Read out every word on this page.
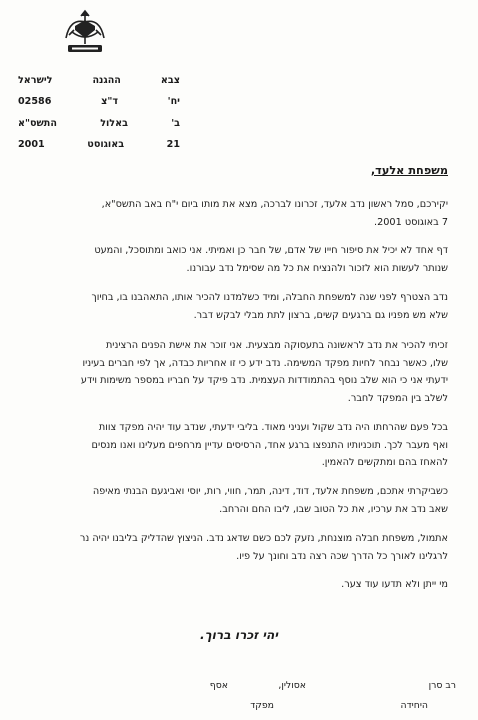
צבא
ההגנה
לישראל
יח'
ד"צ
02586
ב'
באלול
התשס"א
21
באוגוסט
2001
משפחת אלעד,
יקירכם, סמל ראשון נדב אלעד, זכרונו לברכה, מצא את מותו ביום י"ח באב התשס"א,
7 באוגוסט 2001.
דף אחד לא יכיל את סיפור חייו של אדם, של חבר כן ואמיתי. אני כואב ומתוסכל, והמעט
שנותר לעשות הוא לזכור ולהנציח את כל מה שסימל נדב עבורנו.
נדב הצטרף לפני שנה למשפחת החבלה, ומיד כשלמדנו להכיר אותו, התאהבנו בו, בחיוך
שלא מש מפניו גם ברגעים קשים, ברצון לתת מבלי לבקש דבר.
זכיתי להכיר את נדב לראשונה בתעסוקה מבצעית. אני זוכר את אישת הפנים הרצינית
שלו, כאשר נבחר לחיות מפקד המשימה. נדב ידע כי זו אחריות כבדה, אך לפי חברים בעיניו
ידעתי אני כי הוא שלב נוסף בהתמודדות העצמית. נדב פיקד על חבריו במספר משימות וידע
לשלב בין המפקד לחבר.
בכל פעם שהרחתו היה נדב שקול ועניני מאוד. בליבי ידעתי, שנדב עוד יהיה מפקד צוות
ואף מעבר לכך. תוכניותיו התנפצו ברגע אחד, הרסיסים עדיין מרחפים מעלינו ואנו מנסים
להאחז בהם ומתקשים להאמין.
כשביקרתי אתכם, משפחת אלעד, דוד, דינה, תמר, חווי, רות, יוסי ואביגעם הבנתי מאיפה
שאב נדב את ערכיו, את כל הטוב שבו, ליבו החם והרחב.
אתמול, משפחת חבלה מוצנחת, נזעק לכם כשם שדאג נדב. הניצוץ שהדליק בליבנו יהיה נר
לרגלינו לאורך כל הדרך שכה רצה נדב וחונך על פיו.
מי ייתן ולא תדעו עוד צער.
יהי זכרו ברוך.
רב סרן
אסולין,
אסף
היחידה
מפקד
